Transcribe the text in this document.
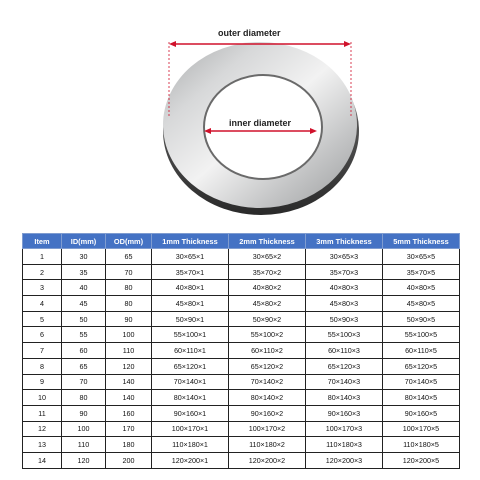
outer diameter
inner diameter
Item	ID(mm)	OD(mm)	1mm Thickness	2mm Thickness	3mm Thickness	5mm Thickness
1	30	65	30×65×1	30×65×2	30×65×3	30×65×5
2	35	70	35×70×1	35×70×2	35×70×3	35×70×5
3	40	80	40×80×1	40×80×2	40×80×3	40×80×5
4	45	80	45×80×1	45×80×2	45×80×3	45×80×5
5	50	90	50×90×1	50×90×2	50×90×3	50×90×5
6	55	100	55×100×1	55×100×2	55×100×3	55×100×5
7	60	110	60×110×1	60×110×2	60×110×3	60×110×5
8	65	120	65×120×1	65×120×2	65×120×3	65×120×5
9	70	140	70×140×1	70×140×2	70×140×3	70×140×5
10	80	140	80×140×1	80×140×2	80×140×3	80×140×5
11	90	160	90×160×1	90×160×2	90×160×3	90×160×5
12	100	170	100×170×1	100×170×2	100×170×3	100×170×5
13	110	180	110×180×1	110×180×2	110×180×3	110×180×5
14	120	200	120×200×1	120×200×2	120×200×3	120×200×5
